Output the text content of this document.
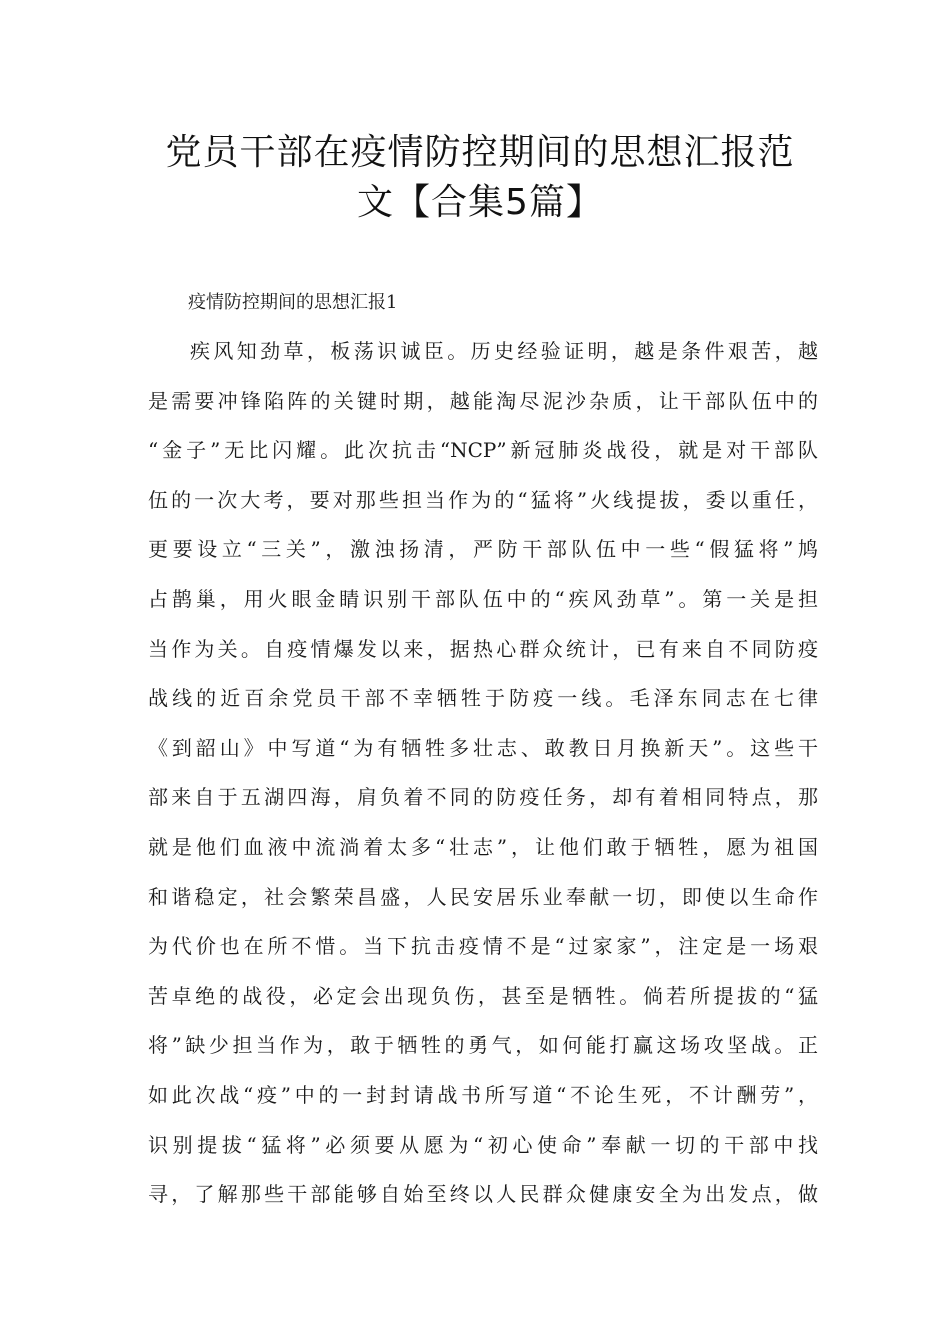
党员干部在疫情防控期间的思想汇报范
文【合集5篇】
疫情防控期间的思想汇报1
疾风知劲草，板荡识诚臣。历史经验证明，越是条件艰苦，越
是需要冲锋陷阵的关键时期，越能淘尽泥沙杂质，让干部队伍中的
“金子”无比闪耀。此次抗击“NCP”新冠肺炎战役，就是对干部队
伍的一次大考，要对那些担当作为的“猛将”火线提拔，委以重任，
更要设立“三关”，激浊扬清，严防干部队伍中一些“假猛将”鸠
占鹊巢，用火眼金睛识别干部队伍中的“疾风劲草”。第一关是担
当作为关。自疫情爆发以来，据热心群众统计，已有来自不同防疫
战线的近百余党员干部不幸牺牲于防疫一线。毛泽东同志在七律
《到韶山》中写道“为有牺牲多壮志、敢教日月换新天”。这些干
部来自于五湖四海，肩负着不同的防疫任务，却有着相同特点，那
就是他们血液中流淌着太多“壮志”，让他们敢于牺牲，愿为祖国
和谐稳定，社会繁荣昌盛，人民安居乐业奉献一切，即使以生命作
为代价也在所不惜。当下抗击疫情不是“过家家”，注定是一场艰
苦卓绝的战役，必定会出现负伤，甚至是牺牲。倘若所提拔的“猛
将”缺少担当作为，敢于牺牲的勇气，如何能打赢这场攻坚战。正
如此次战“疫”中的一封封请战书所写道“不论生死，不计酬劳”，
识别提拔“猛将”必须要从愿为“初心使命”奉献一切的干部中找
寻，了解那些干部能够自始至终以人民群众健康安全为出发点，做
